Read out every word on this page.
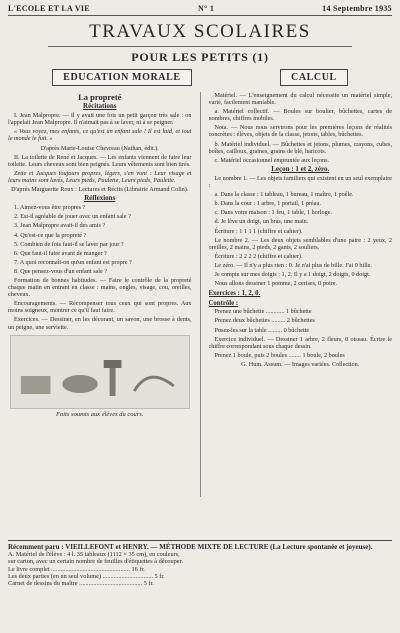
L'ECOLE ET LA VIE	N° 1	14 Septembre 1935
TRAVAUX SCOLAIRES
POUR LES PETITS (1)
EDUCATION MORALE	CALCUL
La propreté
Récitations

I. Jean Malpropre. — Il y avait une fois un petit garçon très sale : on l'appelait Jean Malpropre. Il n'aimait pas à se laver, ni à se peigner.

« Vous voyez, mes enfants, ce qu'est un enfant sale ! Il est laid, et tout le monde le fuit. »

D'après Marie-Louise Chevreau (Nathan, édit.).

II. La toilette de René et Jacques. — Les enfants viennent de faire leur toilette. Leurs cheveux sont bien peignés. Leurs vêtements sont bien tirés.

Zette et Jacques toujours propres, légers, s'en vont : Leur visage et leurs mains sont lavés, Leurs pieds, Paulette, Leurs pieds, Paulette.

D'après Marguerite Roux : Lectures et Récits (Librairie Armand Colin).

Réflexions

1. Aimez-vous être propres ?

2. Est-il agréable de jouer avec un enfant sale ?

3. Jean Malpropre avait-il des amis ?

4. Qu'est-ce que la propreté ?

5. Combien de fois faut-il se laver par jour ?

6. Que faut-il faire avant de manger ?

7. A quoi reconnaît-on qu'un enfant est propre ?

8. Que pensez-vous d'un enfant sale ?

Formation de bonnes habitudes. — Faire le contrôle de la propreté chaque matin en entrant en classe : mains, ongles, visage, cou, oreilles, cheveux.

Encouragements. — Récompenser tous ceux qui sont propres. Aux moins soigneux, montrer ce qu'il faut faire.

Exercices. — Dessiner, en les décorant, un savon, une brosse à dents, un peigne, une serviette.

Faits soumis aux élèves du cours.

Matériel. — L'enseignement du calcul nécessite un matériel simple, varié, facilement maniable.

a. Matériel collectif. — Boules sur boulier, bûchettes, cartes de nombres, chiffres mobiles.

Nota. — Nous nous servirons pour les premières leçons de réalités concrètes : élèves, objets de la classe, jetons, tables, bûchettes.

b. Matériel individuel. — Bûchettes et jetons, plumes, crayons, cubes, boîtes, cailloux, graines, grains de blé, haricots.

c. Matériel occasionnel empruntée aux leçons.

Leçon : 1 et 2, zéro.

Le nombre 1. — Les objets familiers qui existent en un seul exemplaire :

a. Dans la classe : 1 tableau, 1 bureau, 1 maître, 1 poêle.

b. Dans la cour : 1 arbre, 1 portail, 1 préau.

c. Dans votre maison : 1 feu, 1 table, 1 horloge.

d. Je lève un doigt, un bras, une main.

Écriture : 1 1 1 1 (chiffre et cahier).

Le nombre 2. — Les deux objets semblables d'une paire : 2 yeux, 2 oreilles, 2 mains, 2 pieds, 2 gants, 2 souliers.

Écriture : 2 2 2 2 (chiffre et cahier).

Le zéro. — Il n'y a plus rien : 0. Je n'ai plus de bille. J'ai 0 bille.

Je compte sur mes doigts : 1, 2. Il y a 1 doigt, 2 doigts, 0 doigt.

Nous allons dessiner 1 pomme, 2 cerises, 0 poire.

Exercices : 1, 2, 0.
Contrôle :

Prenez une bûchette ............ 1 bûchette

Prenez deux bûchettes ......... 2 bûchettes

Posez-les sur la table ......... 0 bûchette

Exercice individuel. — Dessiner 1 arbre, 2 fleurs, 0 oiseau. Écrire le chiffre correspondant sous chaque dessin.

Prenez 1 boule, puis 2 boules ........ 1 boule, 2 boules

G. Hum. Assum. — Images variées. Collection.

Récemment paru : VIEILLEFONT et HENRY. — MÉTHODE MIXTE DE LECTURE (La Lecture spontanée et joyeuse).
A. Matériel de l'élève : 4 l. 35 tableaux (1112 × 35 cm), en couleurs,
sur carton, avec un certain nombre de feuilles d'étiquettes à découper.
Le livre complet .................................................. 16 fr.
Les deux parties (en un seul volume) ................................ 5 fr.
Carnet de dessins du maître ........................................ 5 fr.
